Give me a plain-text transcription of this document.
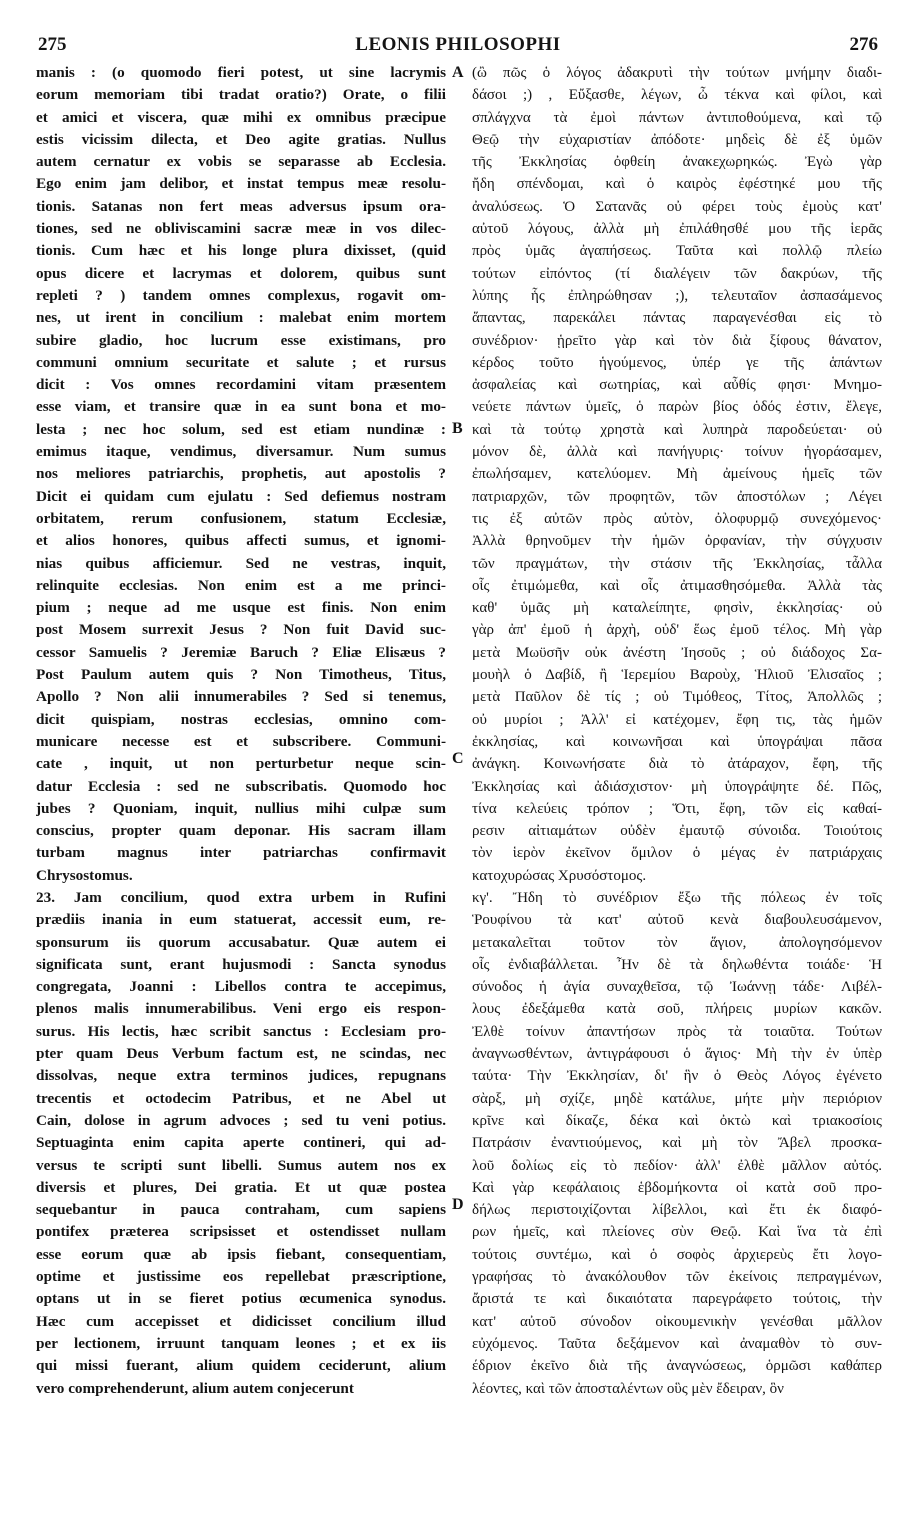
275	LEONIS PHILOSOPHI	276
manis : (o quomodo fieri potest, ut sine lacrymis
eorum memoriam tibi tradat oratio?) Orate, o filii
et amici et viscera, quæ mihi ex omnibus præcipue
estis vicissim dilecta, et Deo agite gratias. Nullus
autem cernatur ex vobis se separasse ab Ecclesia.
Ego enim jam delibor, et instat tempus meæ resolu-
tionis. Satanas non fert meas adversus ipsum ora-
tiones, sed ne obliviscamini sacræ meæ in vos dilec-
tionis. Cum hæc et his longe plura dixisset, (quid
opus dicere et lacrymas et dolorem, quibus sunt
repleti ? ) tandem omnes complexus, rogavit om-
nes, ut irent in concilium : malebat enim mortem
subire gladio, hoc lucrum esse existimans, pro
communi omnium securitate et salute ; et rursus
dicit : Vos omnes recordamini vitam præsentem
esse viam, et transire quæ in ea sunt bona et mo-
lesta ; nec hoc solum, sed est etiam nundinæ :
emimus itaque, vendimus, diversamur. Num sumus
nos meliores patriarchis, prophetis, aut apostolis ?
Dicit ei quidam cum ejulatu : Sed defiemus nostram
orbitatem, rerum confusionem, statum Ecclesiæ,
et alios honores, quibus affecti sumus, et ignomi-
nias quibus afficiemur. Sed ne vestras, inquit,
relinquite ecclesias. Non enim est a me princi-
pium ; neque ad me usque est finis. Non enim
post Mosem surrexit Jesus ? Non fuit David suc-
cessor Samuelis ? Jeremiæ Baruch ? Eliæ Elisæus ?
Post Paulum autem quis ? Non Timotheus, Titus,
Apollo ? Non alii innumerabiles ? Sed si tenemus,
dicit quispiam, nostras ecclesias, omnino com-
municare necesse est et subscribere. Communi-
cate , inquit, ut non perturbetur neque scin-
datur Ecclesia : sed ne subscribatis. Quomodo hoc
jubes ? Quoniam, inquit, nullius mihi culpæ sum
conscius, propter quam deponar. His sacram illam
turbam magnus inter patriarchas confirmavit
Chrysostomus.
23. Jam concilium, quod extra urbem in Rufini
prædiis inania in eum statuerat, accessit eum, re-
sponsurum iis quorum accusabatur. Quæ autem ei
significata sunt, erant hujusmodi : Sancta synodus
congregata, Joanni : Libellos contra te accepimus,
plenos malis innumerabilibus. Veni ergo eis respon-
surus. His lectis, hæc scribit sanctus : Ecclesiam pro-
pter quam Deus Verbum factum est, ne scindas, nec
dissolvas, neque extra terminos judices, repugnans
trecentis et octodecim Patribus, et ne Abel ut
Cain, dolose in agrum advoces ; sed tu veni potius.
Septuaginta enim capita aperte contineri, qui ad-
versus te scripti sunt libelli. Sumus autem nos ex
diversis et plures, Dei gratia. Et ut quæ postea
sequebantur in pauca contraham, cum sapiens
pontifex præterea scripsisset et ostendisset nullam
esse eorum quæ ab ipsis fiebant, consequentiam,
optime et justissime eos repellebat præscriptione,
optans ut in se fieret potius œcumenica synodus.
Hæc cum accepisset et didicisset concilium illud
per lectionem, irruunt tanquam leones ; et ex iis
qui missi fuerant, alium quidem ceciderunt, alium
vero comprehenderunt, alium autem conjecerunt
(ὢ πῶς ὁ λόγος ἀδακρυτὶ τὴν τούτων μνήμην διαδι-
δάσοι ;) , Εὔξασθε, λέγων, ὦ τέκνα καὶ φίλοι, καὶ
σπλάγχνα τὰ ἐμοὶ πάντων ἀντιποθούμενα, καὶ τῷ
Θεῷ τὴν εὐχαριστίαν ἀπόδοτε· μηδεὶς δὲ ἐξ ὑμῶν
τῆς Ἐκκλησίας ὀφθείη ἀνακεχωρηκώς. Ἐγὼ γὰρ
ἤδη σπένδομαι, καὶ ὁ καιρὸς ἐφέστηκέ μου τῆς
ἀναλύσεως. Ὁ Σατανᾶς οὐ φέρει τοὺς ἐμοὺς κατ'
αὐτοῦ λόγους, ἀλλὰ μὴ ἐπιλάθησθέ μου τῆς ἱερᾶς
πρὸς ὑμᾶς ἀγαπήσεως. Ταῦτα καὶ πολλῷ πλείω
τούτων εἰπόντος (τί διαλέγειν τῶν δακρύων, τῆς
λύπης ἧς ἐπληρώθησαν ;), τελευταῖον ἀσπασάμενος
ἅπαντας, παρεκάλει πάντας παραγενέσθαι εἰς τὸ
συνέδριον· ᾑρεῖτο γὰρ καὶ τὸν διὰ ξίφους θάνατον,
κέρδος τοῦτο ἡγούμενος, ὑπέρ γε τῆς ἁπάντων
ἀσφαλείας καὶ σωτηρίας, καὶ αὖθίς φησι· Μνημο-
νεύετε πάντων ὑμεῖς, ὁ παρὼν βίος ὁδός ἐστιν, ἔλεγε,
καὶ τὰ τούτῳ χρηστὰ καὶ λυπηρὰ παροδεύεται· οὐ
μόνον δὲ, ἀλλὰ καὶ πανήγυρις· τοίνυν ἠγοράσαμεν,
ἐπωλήσαμεν, κατελύομεν. Μὴ ἀμείνους ἡμεῖς τῶν
πατριαρχῶν, τῶν προφητῶν, τῶν ἀποστόλων ; Λέγει
τις ἐξ αὐτῶν πρὸς αὐτὸν, ὀλοφυρμῷ συνεχόμενος·
Ἀλλὰ θρηνοῦμεν τὴν ἡμῶν ὀρφανίαν, τὴν σύγχυσιν
τῶν πραγμάτων, τὴν στάσιν τῆς Ἐκκλησίας, τἆλλα
οἷς ἐτιμώμεθα, καὶ οἷς ἀτιμασθησόμεθα. Ἀλλὰ τὰς
καθ' ὑμᾶς μὴ καταλείπητε, φησὶν, ἐκκλησίας· οὐ
γὰρ ἀπ' ἐμοῦ ἡ ἀρχὴ, οὐδ' ἕως ἐμοῦ τέλος. Μὴ γὰρ
μετὰ Μωϋσῆν οὐκ ἀνέστη Ἰησοῦς ; οὐ διάδοχος Σα-
μουὴλ ὁ Δαβίδ, ἢ Ἱερεμίου Βαροὺχ, Ἡλιοῦ Ἐλισαῖος ;
μετὰ Παῦλον δὲ τίς ; οὐ Τιμόθεος, Τίτος, Ἀπολλῶς ;
οὐ μυρίοι ; Ἀλλ' εἰ κατέχομεν, ἔφη τις, τὰς ἡμῶν
ἐκκλησίας, καὶ κοινωνῆσαι καὶ ὑπογράψαι πᾶσα
ἀνάγκη. Κοινωνήσατε διὰ τὸ ἀτάραχον, ἔφη, τῆς
Ἐκκλησίας καὶ ἀδιάσχιστον· μὴ ὑπογράψητε δέ. Πῶς,
τίνα κελεύεις τρόπον ; Ὅτι, ἔφη, τῶν εἰς καθαί-
ρεσιν αἰτιαμάτων οὐδὲν ἐμαυτῷ σύνοιδα. Τοιούτοις
τὸν ἱερὸν ἐκεῖνον ὅμιλον ὁ μέγας ἐν πατριάρχαις
κατοχυρώσας Χρυσόστομος.
κγ'. Ἤδη τὸ συνέδριον ἔξω τῆς πόλεως ἐν τοῖς
Ῥουφίνου τὰ κατ' αὐτοῦ κενὰ διαβουλευσάμενον,
μετακαλεῖται τοῦτον τὸν ἅγιον, ἀπολογησόμενον
οἷς ἐνδιαβάλλεται. Ἦν δὲ τὰ δηλωθέντα τοιάδε· Ἡ
σύνοδος ἡ ἁγία συναχθεῖσα, τῷ Ἰωάννῃ τάδε· Λιβέλ-
λους ἐδεξάμεθα κατὰ σοῦ, πλήρεις μυρίων κακῶν.
Ἐλθὲ τοίνυν ἀπαντήσων πρὸς τὰ τοιαῦτα. Τούτων
ἀναγνωσθέντων, ἀντιγράφουσι ὁ ἅγιος· Μὴ τὴν ἐν ὑπὲρ
ταύτα· Τὴν Ἐκκλησίαν, δι' ἣν ὁ Θεὸς Λόγος ἐγένετο
σὰρξ, μὴ σχίζε, μηδὲ κατάλυε, μήτε μὴν περιόριον
κρῖνε καὶ δίκαζε, δέκα καὶ ὀκτὼ καὶ τριακοσίοις
Πατράσιν ἐναντιούμενος, καὶ μὴ τὸν Ἄβελ προσκα-
λοῦ δολίως εἰς τὸ πεδίον· ἀλλ' ἐλθὲ μᾶλλον αὐτός.
Καὶ γὰρ κεφάλαιοις ἑβδομήκοντα οἱ κατὰ σοῦ προ-
δήλως περιστοιχίζονται λίβελλοι, καὶ ἔτι ἐκ διαφό-
ρων ἡμεῖς, καὶ πλείονες σὺν Θεῷ. Καὶ ἵνα τὰ ἐπὶ
τούτοις συντέμω, καὶ ὁ σοφὸς ἀρχιερεὺς ἔτι λογο-
γραφήσας τὸ ἀνακόλουθον τῶν ἐκείνοις πεπραγμένων,
ἄριστά τε καὶ δικαιότατα παρεγράφετο τούτοις, τὴν
κατ' αὐτοῦ σύνοδον οἰκουμενικὴν γενέσθαι μᾶλλον
εὐχόμενος. Ταῦτα δεξάμενον καὶ ἀναμαθὸν τὸ συν-
έδριον ἐκεῖνο διὰ τῆς ἀναγνώσεως, ὁρμῶσι καθάπερ
λέοντες, καὶ τῶν ἀποσταλέντων οὓς μὲν ἔδειραν, ὃν
A
B
C
D
